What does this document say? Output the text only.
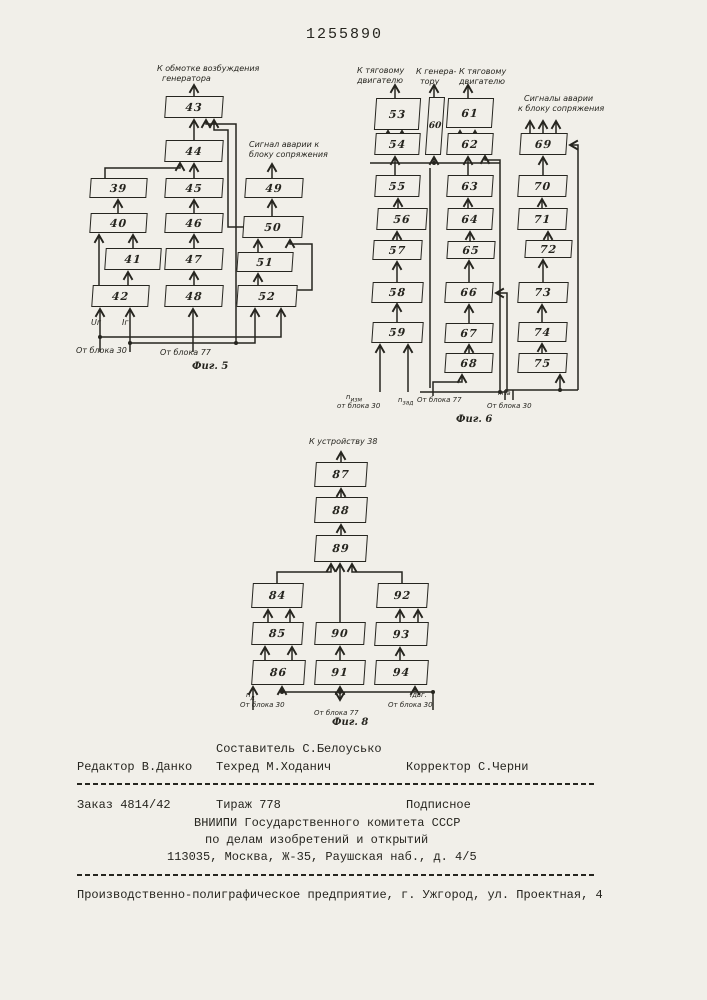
1255890
39
40
41
42
43
44
45
46
47
48
49
50
51
52
К обмотке возбуждения
генератора
Сигнал аварии к
блоку сопряжения
Uг	Iг
От блока 30	От блока 77
Фиг. 5
53
54
55
56
57
58
59
60
61
62
63
64
65
66
67
68
69
70
71
72
73
74
75
К тяговому
двигателю
К генера-
тору
К тяговому
двигателю
Сигналы аварии
к блоку сопряжения
$n_{изм}$
от блока 30
$n_{зад}$ От блока 77
Iя Iв
От блока 30
Фиг. 6
87
88
89
84
85
86
90
91
92
93
94
К устройству 38
$n_д$
От блока 30
От блока 77
Iдвг.
От блока 30
Фиг. 8
Составитель С.Белоусько
Редактор В.Данко Техред М.Ходанич	Корректор С.Черни
Заказ 4814/42	Тираж 778	Подписное
ВНИИПИ Государственного комитета СССР
по делам изобретений и открытий
113035, Москва, Ж-35, Раушская наб., д. 4/5
Производственно-полиграфическое предприятие, г. Ужгород, ул. Проектная, 4
